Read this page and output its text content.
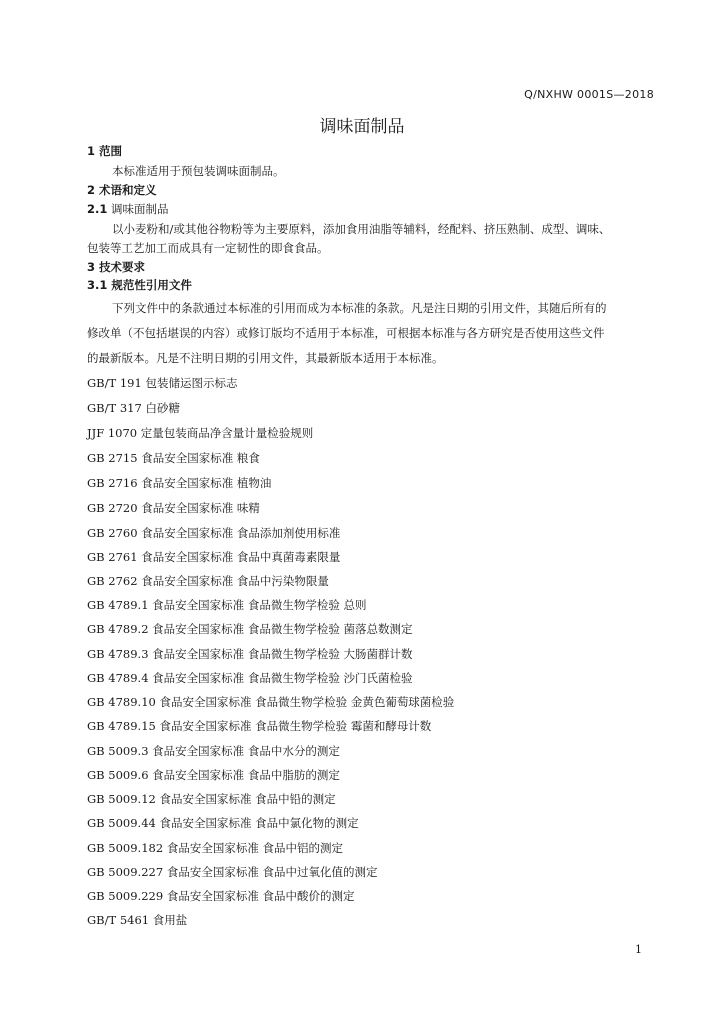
Q/NXHW 0001S—2018
调味面制品
1 范围
本标准适用于预包装调味面制品。
2 术语和定义
2.1 调味面制品
以小麦粉和/或其他谷物粉等为主要原料，添加食用油脂等辅料，经配料、挤压熟制、成型、调味、
包装等工艺加工而成具有一定韧性的即食食品。
3 技术要求
3.1 规范性引用文件
下列文件中的条款通过本标准的引用而成为本标准的条款。凡是注日期的引用文件，其随后所有的
修改单（不包括堪误的内容）或修订版均不适用于本标准，可根据本标准与各方研究是否使用这些文件
的最新版本。凡是不注明日期的引用文件，其最新版本适用于本标准。
GB/T 191 包装储运图示标志
GB/T 317 白砂糖
JJF 1070 定量包装商品净含量计量检验规则
GB 2715 食品安全国家标准 粮食
GB 2716 食品安全国家标准 植物油
GB 2720 食品安全国家标准 味精
GB 2760 食品安全国家标准 食品添加剂使用标准
GB 2761 食品安全国家标准 食品中真菌毒素限量
GB 2762 食品安全国家标准 食品中污染物限量
GB 4789.1 食品安全国家标准 食品微生物学检验 总则
GB 4789.2 食品安全国家标准 食品微生物学检验 菌落总数测定
GB 4789.3 食品安全国家标准 食品微生物学检验 大肠菌群计数
GB 4789.4 食品安全国家标准 食品微生物学检验 沙门氏菌检验
GB 4789.10 食品安全国家标准 食品微生物学检验 金黄色葡萄球菌检验
GB 4789.15 食品安全国家标准 食品微生物学检验 霉菌和酵母计数
GB 5009.3 食品安全国家标准 食品中水分的测定
GB 5009.6 食品安全国家标准 食品中脂肪的测定
GB 5009.12 食品安全国家标准 食品中铅的测定
GB 5009.44 食品安全国家标准 食品中氯化物的测定
GB 5009.182 食品安全国家标准 食品中铝的测定
GB 5009.227 食品安全国家标准 食品中过氧化值的测定
GB 5009.229 食品安全国家标准 食品中酸价的测定
GB/T 5461 食用盐
1
